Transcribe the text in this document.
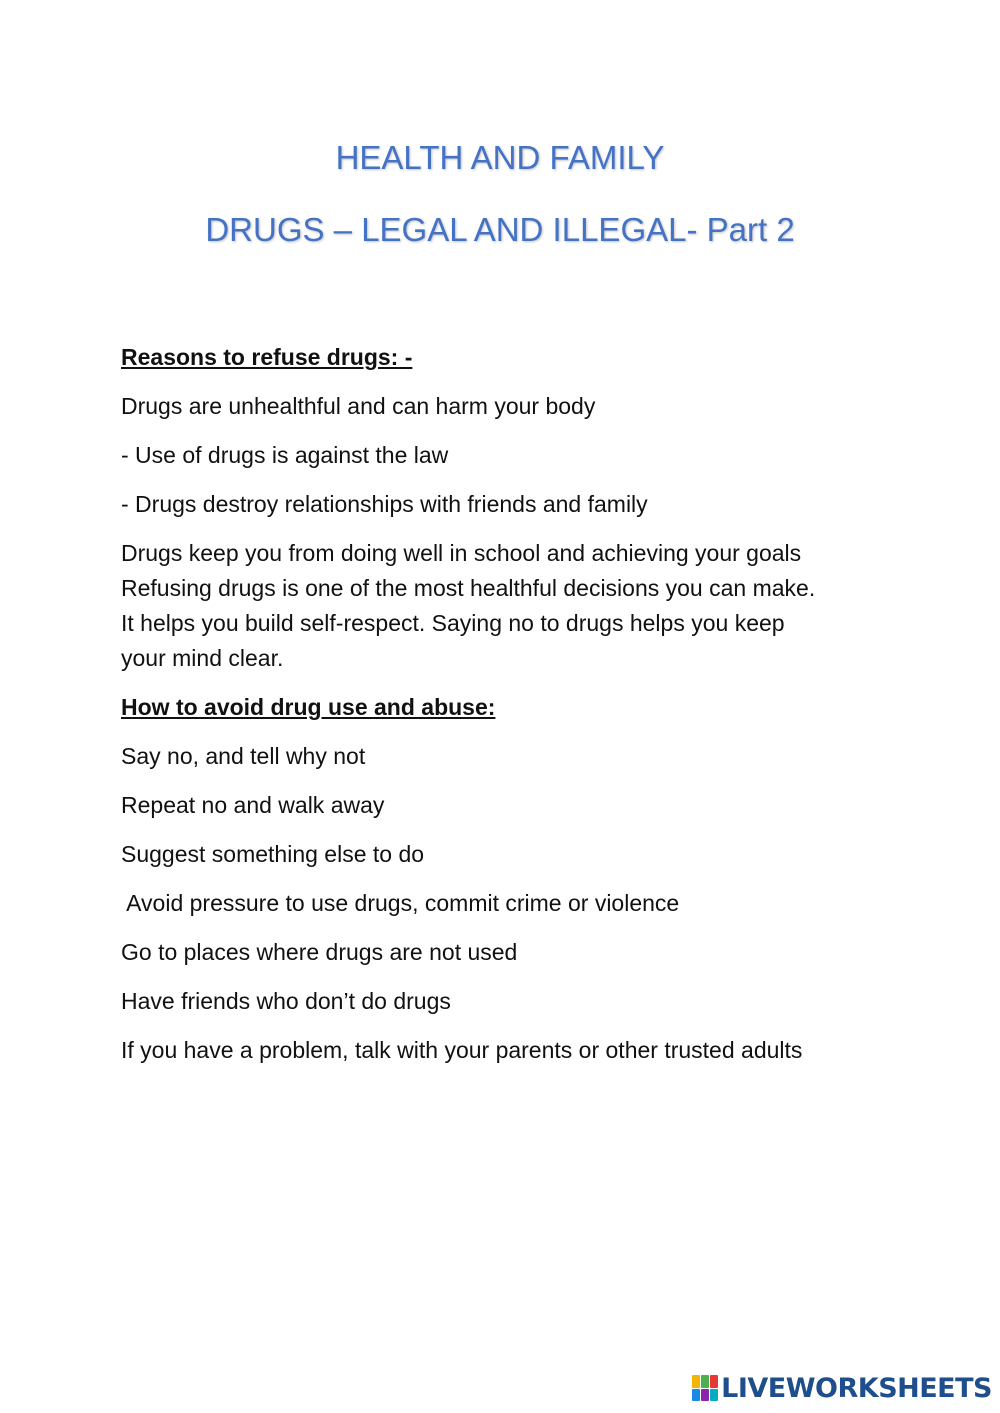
HEALTH AND FAMILY
DRUGS – LEGAL AND ILLEGAL- Part 2
Reasons to refuse drugs: -
Drugs are unhealthful and can harm your body
- Use of drugs is against the law
- Drugs destroy relationships with friends and family
Drugs keep you from doing well in school and achieving your goals
Refusing drugs is one of the most healthful decisions you can make.
It helps you build self-respect. Saying no to drugs helps you keep
your mind clear.
How to avoid drug use and abuse:
Say no, and tell why not
Repeat no and walk away
Suggest something else to do
Avoid pressure to use drugs, commit crime or violence
Go to places where drugs are not used
Have friends who don’t do drugs
If you have a problem, talk with your parents or other trusted adults
LIVEWORKSHEETS
